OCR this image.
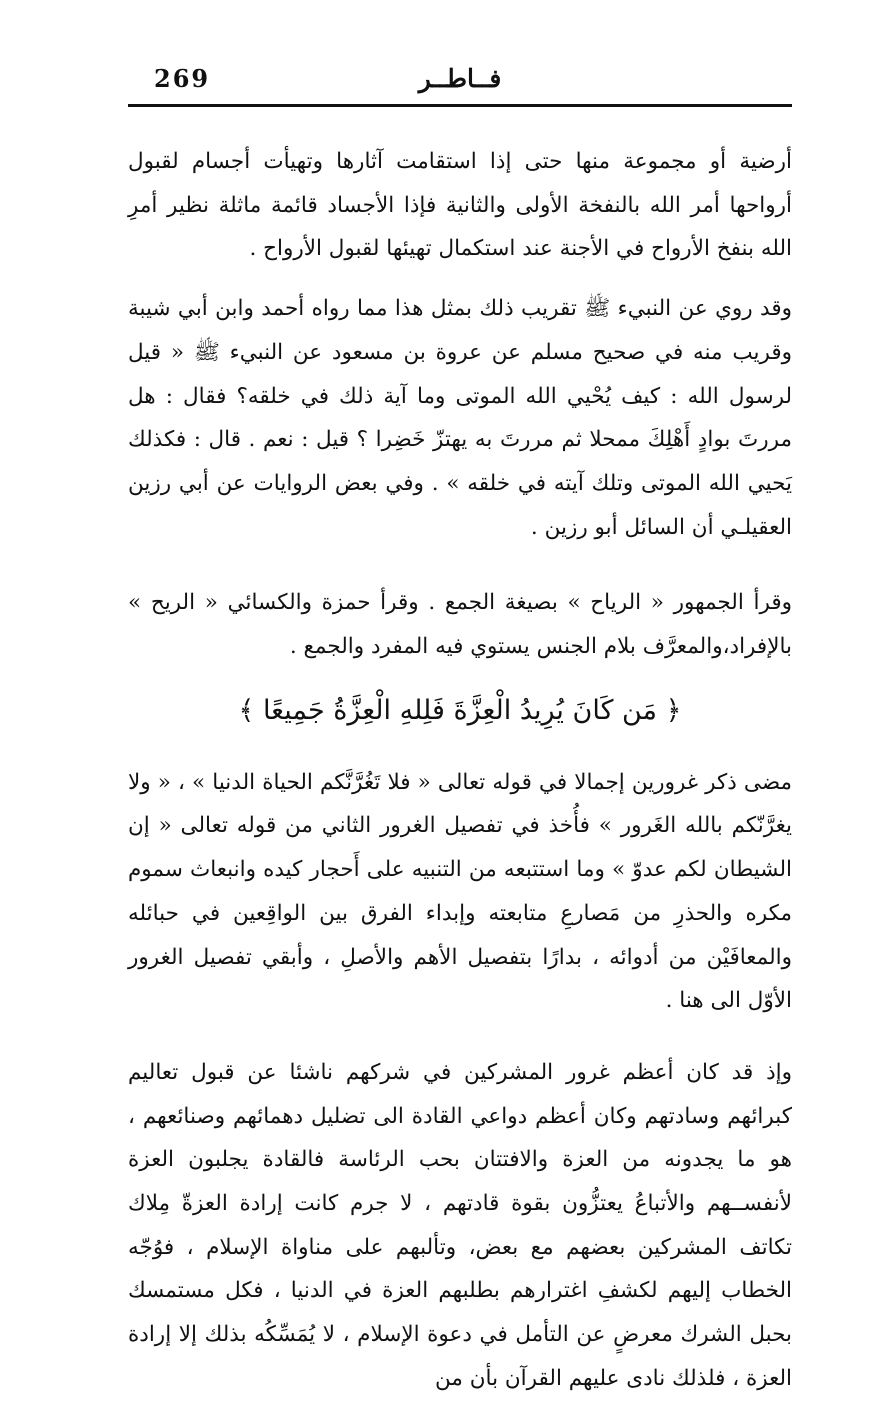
269	فــاطــر

أرضية أو مجموعة منها حتى إذا استقامت آثارها وتهيأت أجسام لقبول أرواحها أمر الله بالنفخة الأولى والثانية فإذا الأجساد قائمة ماثلة نظير أمرِ الله بنفخ الأرواح في الأجنة عند استكمال تهيئها لقبول الأرواح .

وقد روي عن النبيء ﷺ تقريب ذلك بمثل هذا مما رواه أحمد وابن أبي شيبة وقريب منه في صحيح مسلم عن عروة بن مسعود عن النبيء ﷺ « قيل لرسول الله : كيف يُحْيي الله الموتى وما آية ذلك في خلقه؟ فقال : هل مررتَ بوادٍ أَهْلِكَ ممحلا ثم مررتَ به يهتزّ خَضِرا ؟ قيل : نعم . قال : فكذلك يَحيي الله الموتى وتلك آيته في خلقه » . وفي بعض الروايات عن أبي رزين العقيلـي أن السائل أبو رزين .

وقرأ الجمهور « الرياح » بصيغة الجمع . وقرأ حمزة والكسائي « الريح » بالإفراد،والمعرَّف بلام الجنس يستوي فيه المفرد والجمع .

﴿ مَن كَانَ يُرِيدُ الْعِزَّةَ فَلِلهِ الْعِزَّةُ جَمِيعًا ﴾

مضى ذكر غرورين إجمالا في قوله تعالى « فلا تَغُرَّنَّكم الحياة الدنيا » ، « ولا يغرَّنّكم بالله الغَرور » فأُخذ في تفصيل الغرور الثاني من قوله تعالى « إن الشيطان لكم عدوّ » وما استتبعه من التنبيه على أَحجار كيده وانبعاث سموم مكره والحذرِ من مَصارعِ متابعته وإبداء الفرق بين الواقِعين في حبائله والمعافَيْن من أدوائه ، بدارًا بتفصيل الأهم والأصلِ ، وأبقي تفصيل الغرور الأوّل الى هنا .

وإذ قد كان أعظم غرور المشركين في شركهم ناشئا عن قبول تعاليم كبرائهم وسادتهم وكان أعظم دواعي القادة الى تضليل دهمائهم وصنائعهم ، هو ما يجدونه من العزة والافتتان بحب الرئاسة فالقادة يجلبون العزة لأنفســهم والأتباعُ يعتزُّون بقوة قادتهم ، لا جرم كانت إرادة العزةّ مِلاك تكاتف المشركين بعضهم مع بعض، وتألبهم على مناواة الإسلام ، فوُجّه الخطاب إليهم لكشفِ اغترارهم بطلبهم العزة في الدنيا ، فكل مستمسك بحبل الشرك معرضٍ عن التأمل في دعوة الإسلام ، لا يُمَسِّكُه بذلك إلا إرادة العزة ، فلذلك نادى عليهم القرآن بأن من
